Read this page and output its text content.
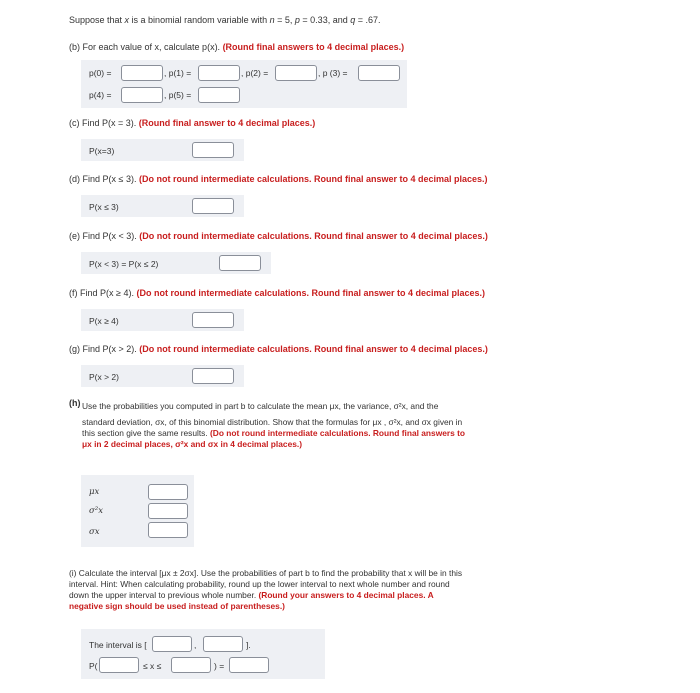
Suppose that x is a binomial random variable with n = 5, p = 0.33, and q = .67.
(b) For each value of x, calculate p(x). (Round final answers to 4 decimal places.)
p(0) =	, p(1) =	, p(2) =	, p (3) =
p(4) =	, p(5) =
(c) Find P(x = 3). (Round final answer to 4 decimal places.)
P(x=3)
(d) Find P(x ≤ 3). (Do not round intermediate calculations. Round final answer to 4 decimal places.)
P(x ≤ 3)
(e) Find P(x < 3). (Do not round intermediate calculations. Round final answer to 4 decimal places.)
P(x < 3) = P(x ≤ 2)
(f) Find P(x ≥ 4). (Do not round intermediate calculations. Round final answer to 4 decimal places.)
P(x ≥ 4)
(g) Find P(x > 2). (Do not round intermediate calculations. Round final answer to 4 decimal places.)
P(x > 2)
(h) Use the probabilities you computed in part b to calculate the mean μx, the variance, σ²x, and the
standard deviation, σx, of this binomial distribution. Show that the formulas for μx , σ²x, and σx given in
this section give the same results. (Do not round intermediate calculations. Round final answers to
μx in 2 decimal places, σ²x and σx in 4 decimal places.)
μx
σ²x
σx
(i) Calculate the interval [μx ± 2σx]. Use the probabilities of part b to find the probability that x will be in this
interval. Hint: When calculating probability, round up the lower interval to next whole number and round
down the upper interval to previous whole number. (Round your answers to 4 decimal places. A
negative sign should be used instead of parentheses.)
The interval is [	,	].
P(	≤ x ≤	) =
